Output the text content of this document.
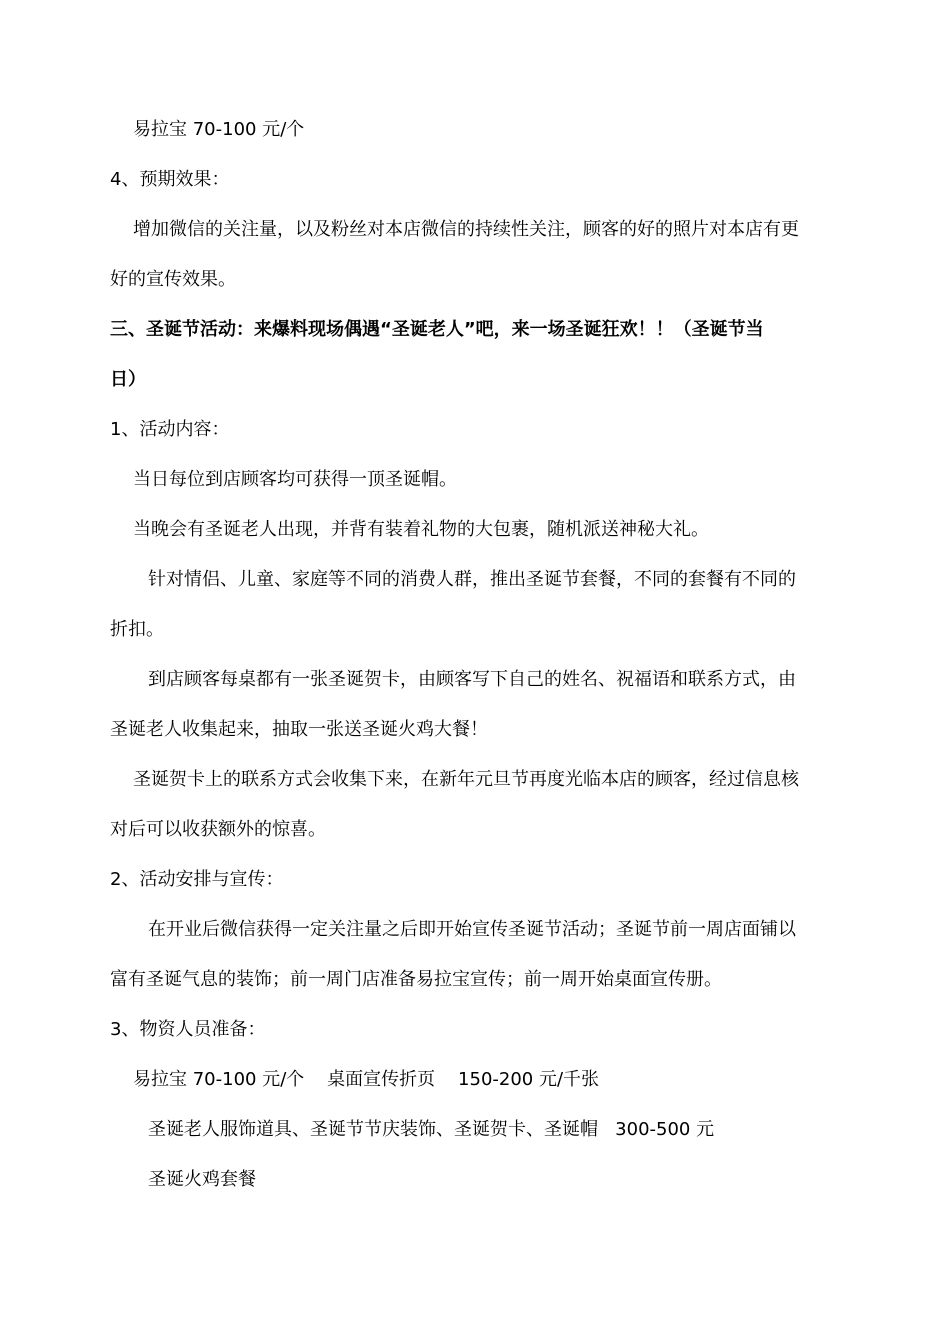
易拉宝 70-100 元/个
4、预期效果：
增加微信的关注量，以及粉丝对本店微信的持续性关注，顾客的好的照片对本店有更
好的宣传效果。
三、圣诞节活动：来爆料现场偶遇“圣诞老人”吧，来一场圣诞狂欢！！（圣诞节当
日）
1、活动内容：
当日每位到店顾客均可获得一顶圣诞帽。
当晚会有圣诞老人出现，并背有装着礼物的大包裹，随机派送神秘大礼。
针对情侣、儿童、家庭等不同的消费人群，推出圣诞节套餐，不同的套餐有不同的
折扣。
到店顾客每桌都有一张圣诞贺卡，由顾客写下自己的姓名、祝福语和联系方式，由
圣诞老人收集起来，抽取一张送圣诞火鸡大餐！
圣诞贺卡上的联系方式会收集下来，在新年元旦节再度光临本店的顾客，经过信息核
对后可以收获额外的惊喜。
2、活动安排与宣传：
在开业后微信获得一定关注量之后即开始宣传圣诞节活动；圣诞节前一周店面铺以
富有圣诞气息的装饰；前一周门店准备易拉宝宣传；前一周开始桌面宣传册。
3、物资人员准备：
易拉宝 70-100 元/个    桌面宣传折页    150-200 元/千张
圣诞老人服饰道具、圣诞节节庆装饰、圣诞贺卡、圣诞帽   300-500 元
圣诞火鸡套餐
